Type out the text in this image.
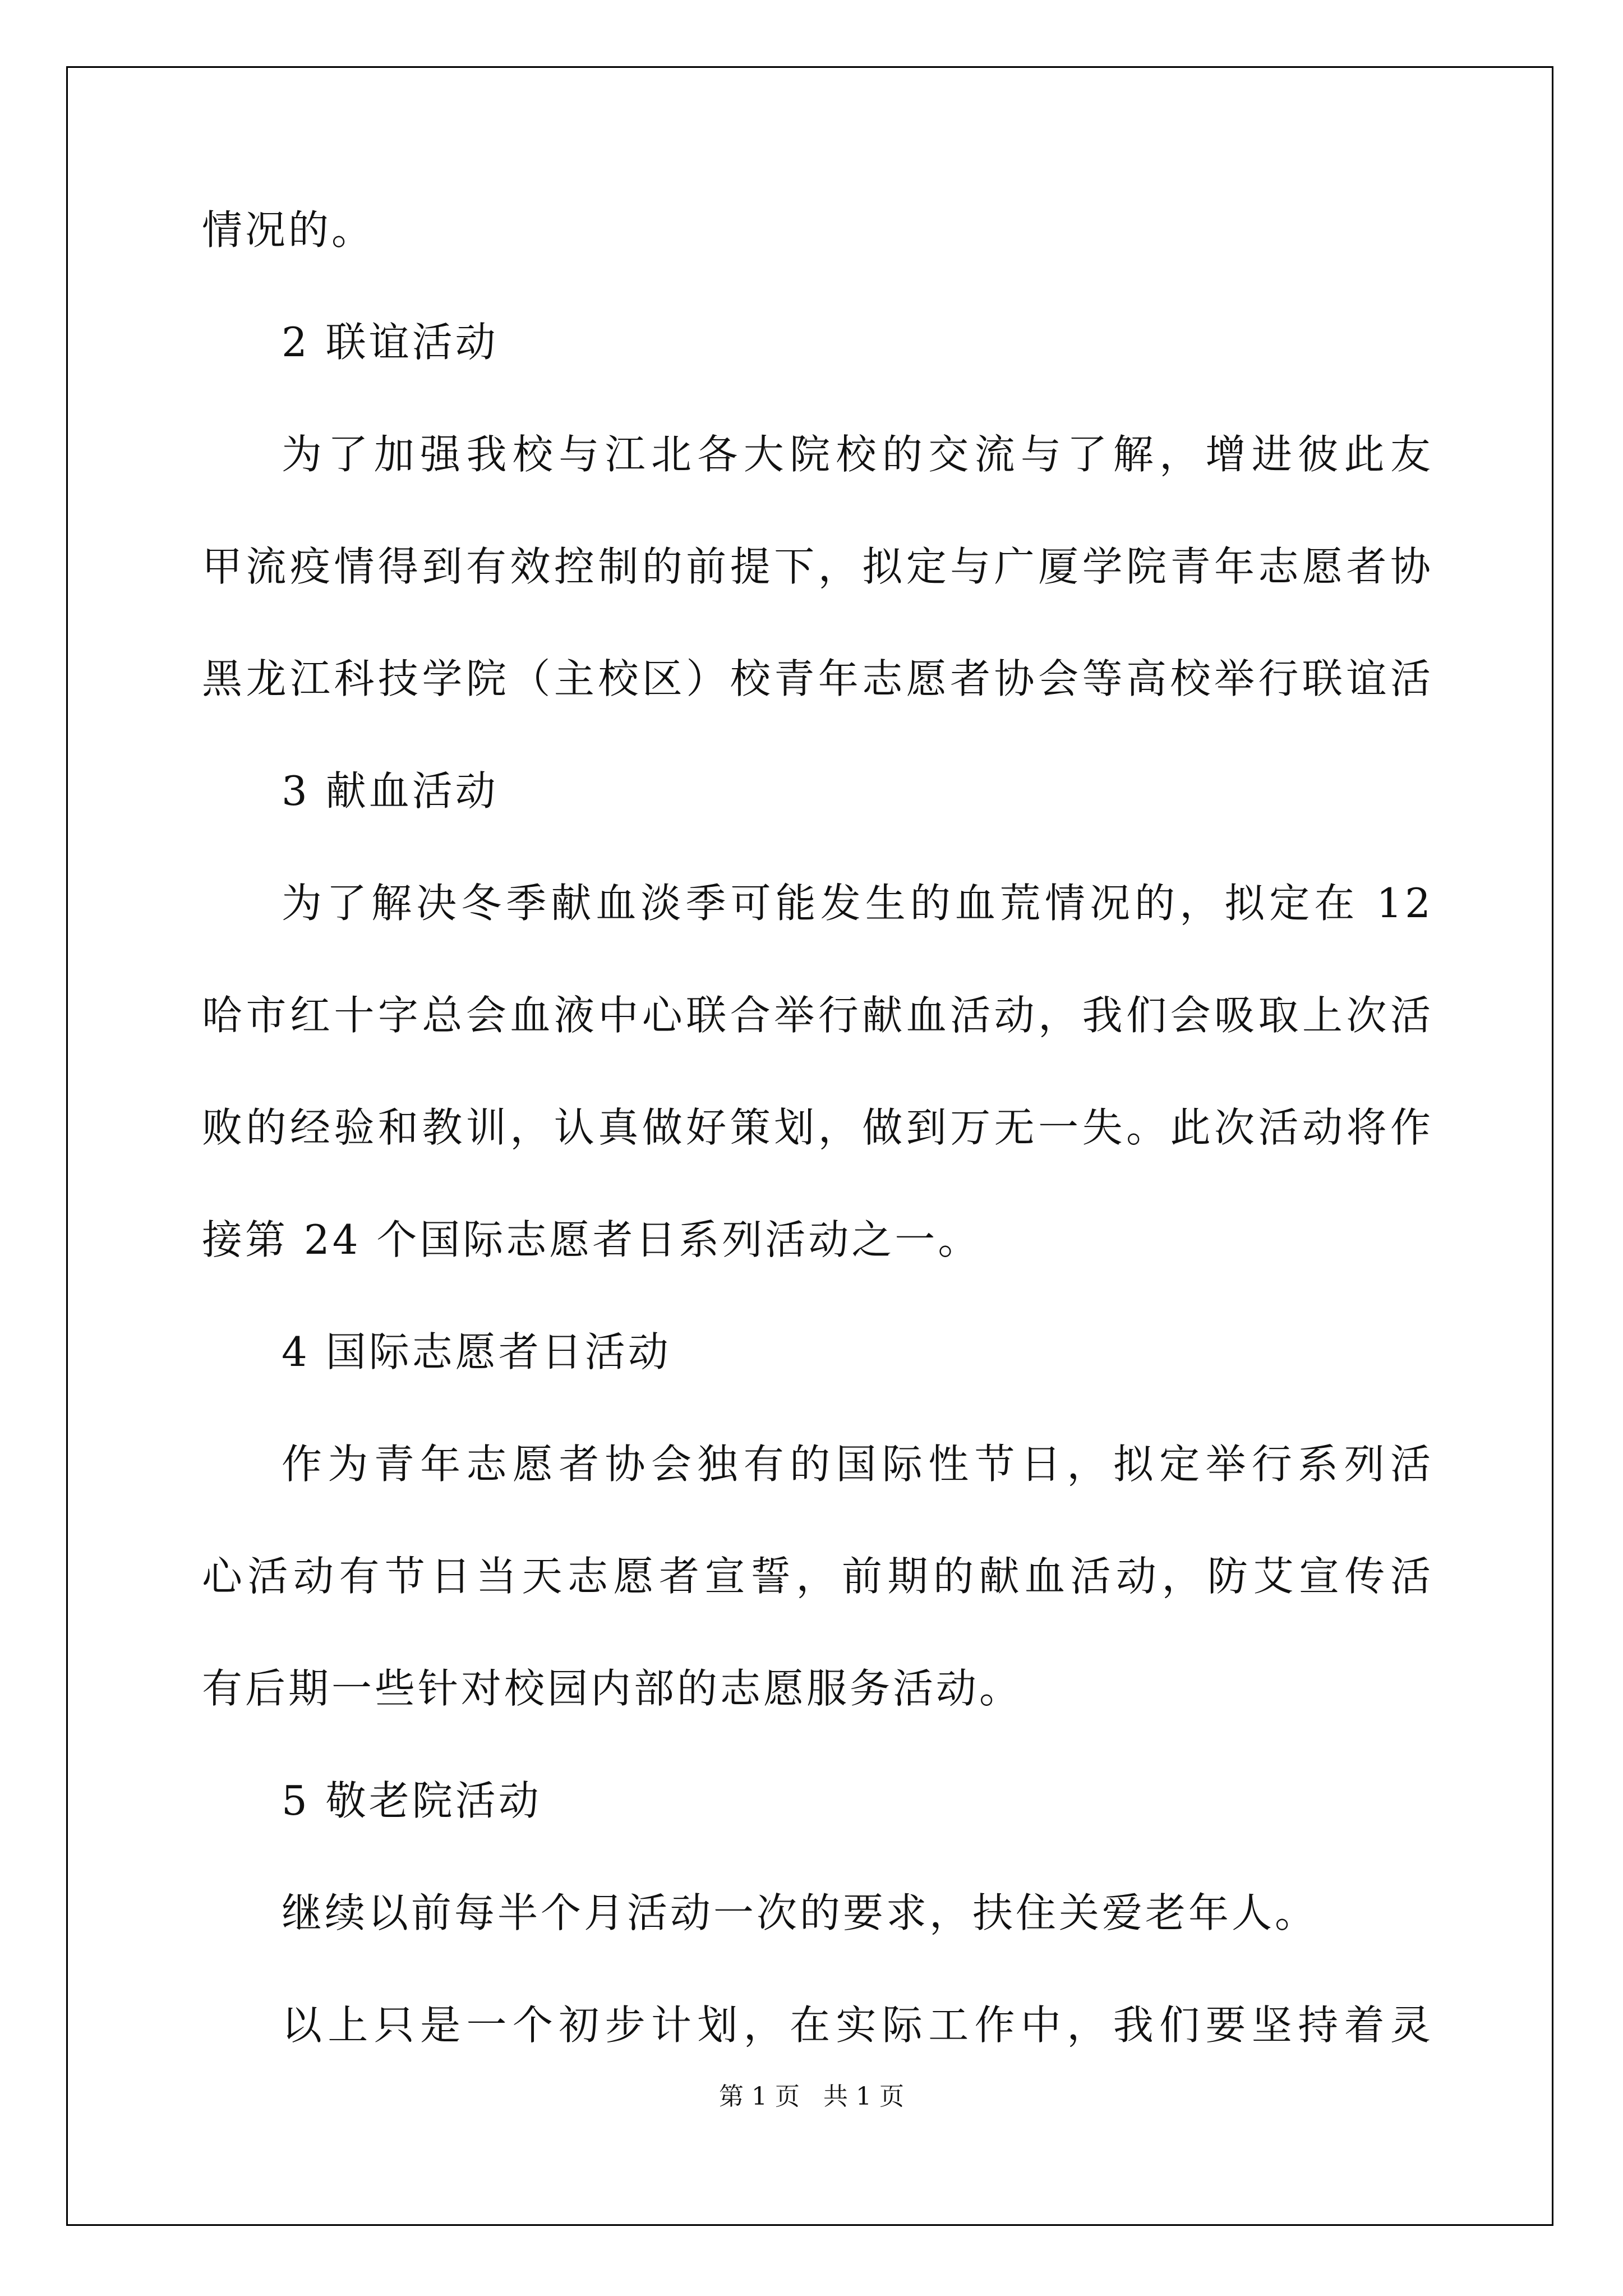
情况的。
2 联谊活动
为了加强我校与江北各大院校的交流与了解，增进彼此友
甲流疫情得到有效控制的前提下，拟定与广厦学院青年志愿者协
黑龙江科技学院（主校区）校青年志愿者协会等高校举行联谊活
3 献血活动
为了解决冬季献血淡季可能发生的血荒情况的，拟定在 12
哈市红十字总会血液中心联合举行献血活动，我们会吸取上次活
败的经验和教训，认真做好策划，做到万无一失。此次活动将作
接第 24 个国际志愿者日系列活动之一。
4 国际志愿者日活动
作为青年志愿者协会独有的国际性节日，拟定举行系列活
心活动有节日当天志愿者宣誓，前期的献血活动，防艾宣传活
有后期一些针对校园内部的志愿服务活动。
5 敬老院活动
继续以前每半个月活动一次的要求，扶住关爱老年人。
以上只是一个初步计划，在实际工作中，我们要坚持着灵
第 1 页   共 1 页
